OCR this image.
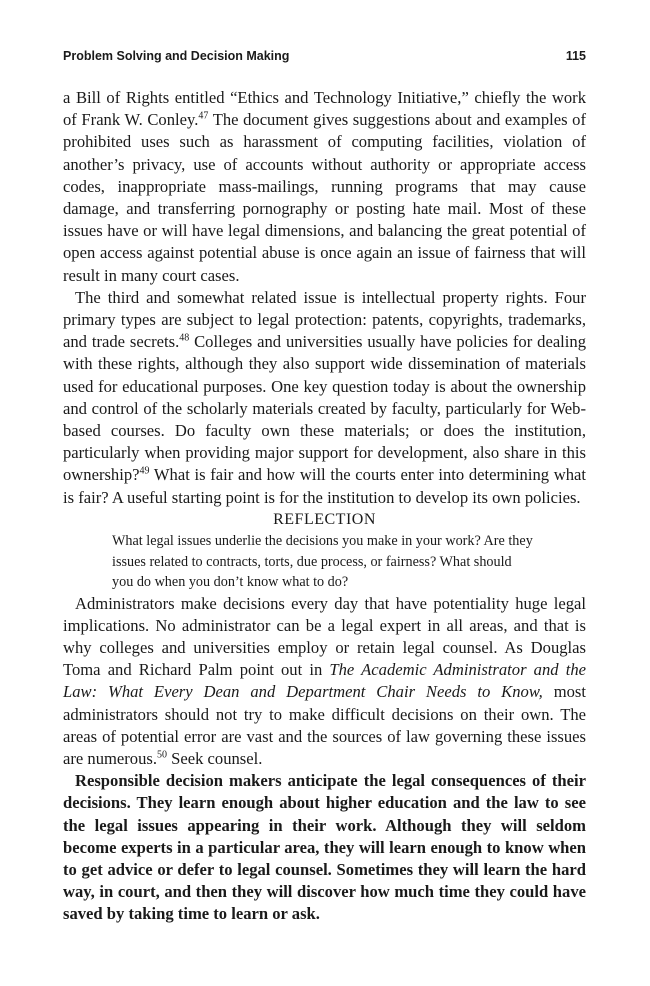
Problem Solving and Decision Making	115

a Bill of Rights entitled “Ethics and Technology Initiative,” chiefly the work of Frank W. Conley.$^{47}$ The document gives suggestions about and examples of prohibited uses such as harassment of computing facilities, violation of another’s privacy, use of accounts without authority or appropriate access codes, inappropriate mass-mailings, running programs that may cause damage, and transferring pornography or posting hate mail. Most of these issues have or will have legal dimensions, and balancing the great potential of open access against potential abuse is once again an issue of fairness that will result in many court cases.

The third and somewhat related issue is intellectual property rights. Four primary types are subject to legal protection: patents, copyrights, trademarks, and trade secrets.$^{48}$ Colleges and universities usually have policies for dealing with these rights, although they also support wide dissemination of materials used for educational purposes. One key question today is about the ownership and control of the scholarly materials created by faculty, particularly for Web-based courses. Do faculty own these materials; or does the institution, particularly when providing major support for development, also share in this ownership?$^{49}$ What is fair and how will the courts enter into determining what is fair? A useful starting point is for the institution to develop its own policies.

REFLECTION

What legal issues underlie the decisions you make in your work? Are they issues related to contracts, torts, due process, or fairness? What should you do when you don’t know what to do?

Administrators make decisions every day that have potentiality huge legal implications. No administrator can be a legal expert in all areas, and that is why colleges and universities employ or retain legal counsel. As Douglas Toma and Richard Palm point out in The Academic Administrator and the Law: What Every Dean and Department Chair Needs to Know, most administrators should not try to make difficult decisions on their own. The areas of potential error are vast and the sources of law governing these issues are numerous.$^{50}$ Seek counsel.

Responsible decision makers anticipate the legal consequences of their decisions. They learn enough about higher education and the law to see the legal issues appearing in their work. Although they will seldom become experts in a particular area, they will learn enough to know when to get advice or defer to legal counsel. Sometimes they will learn the hard way, in court, and then they will discover how much time they could have saved by taking time to learn or ask.
